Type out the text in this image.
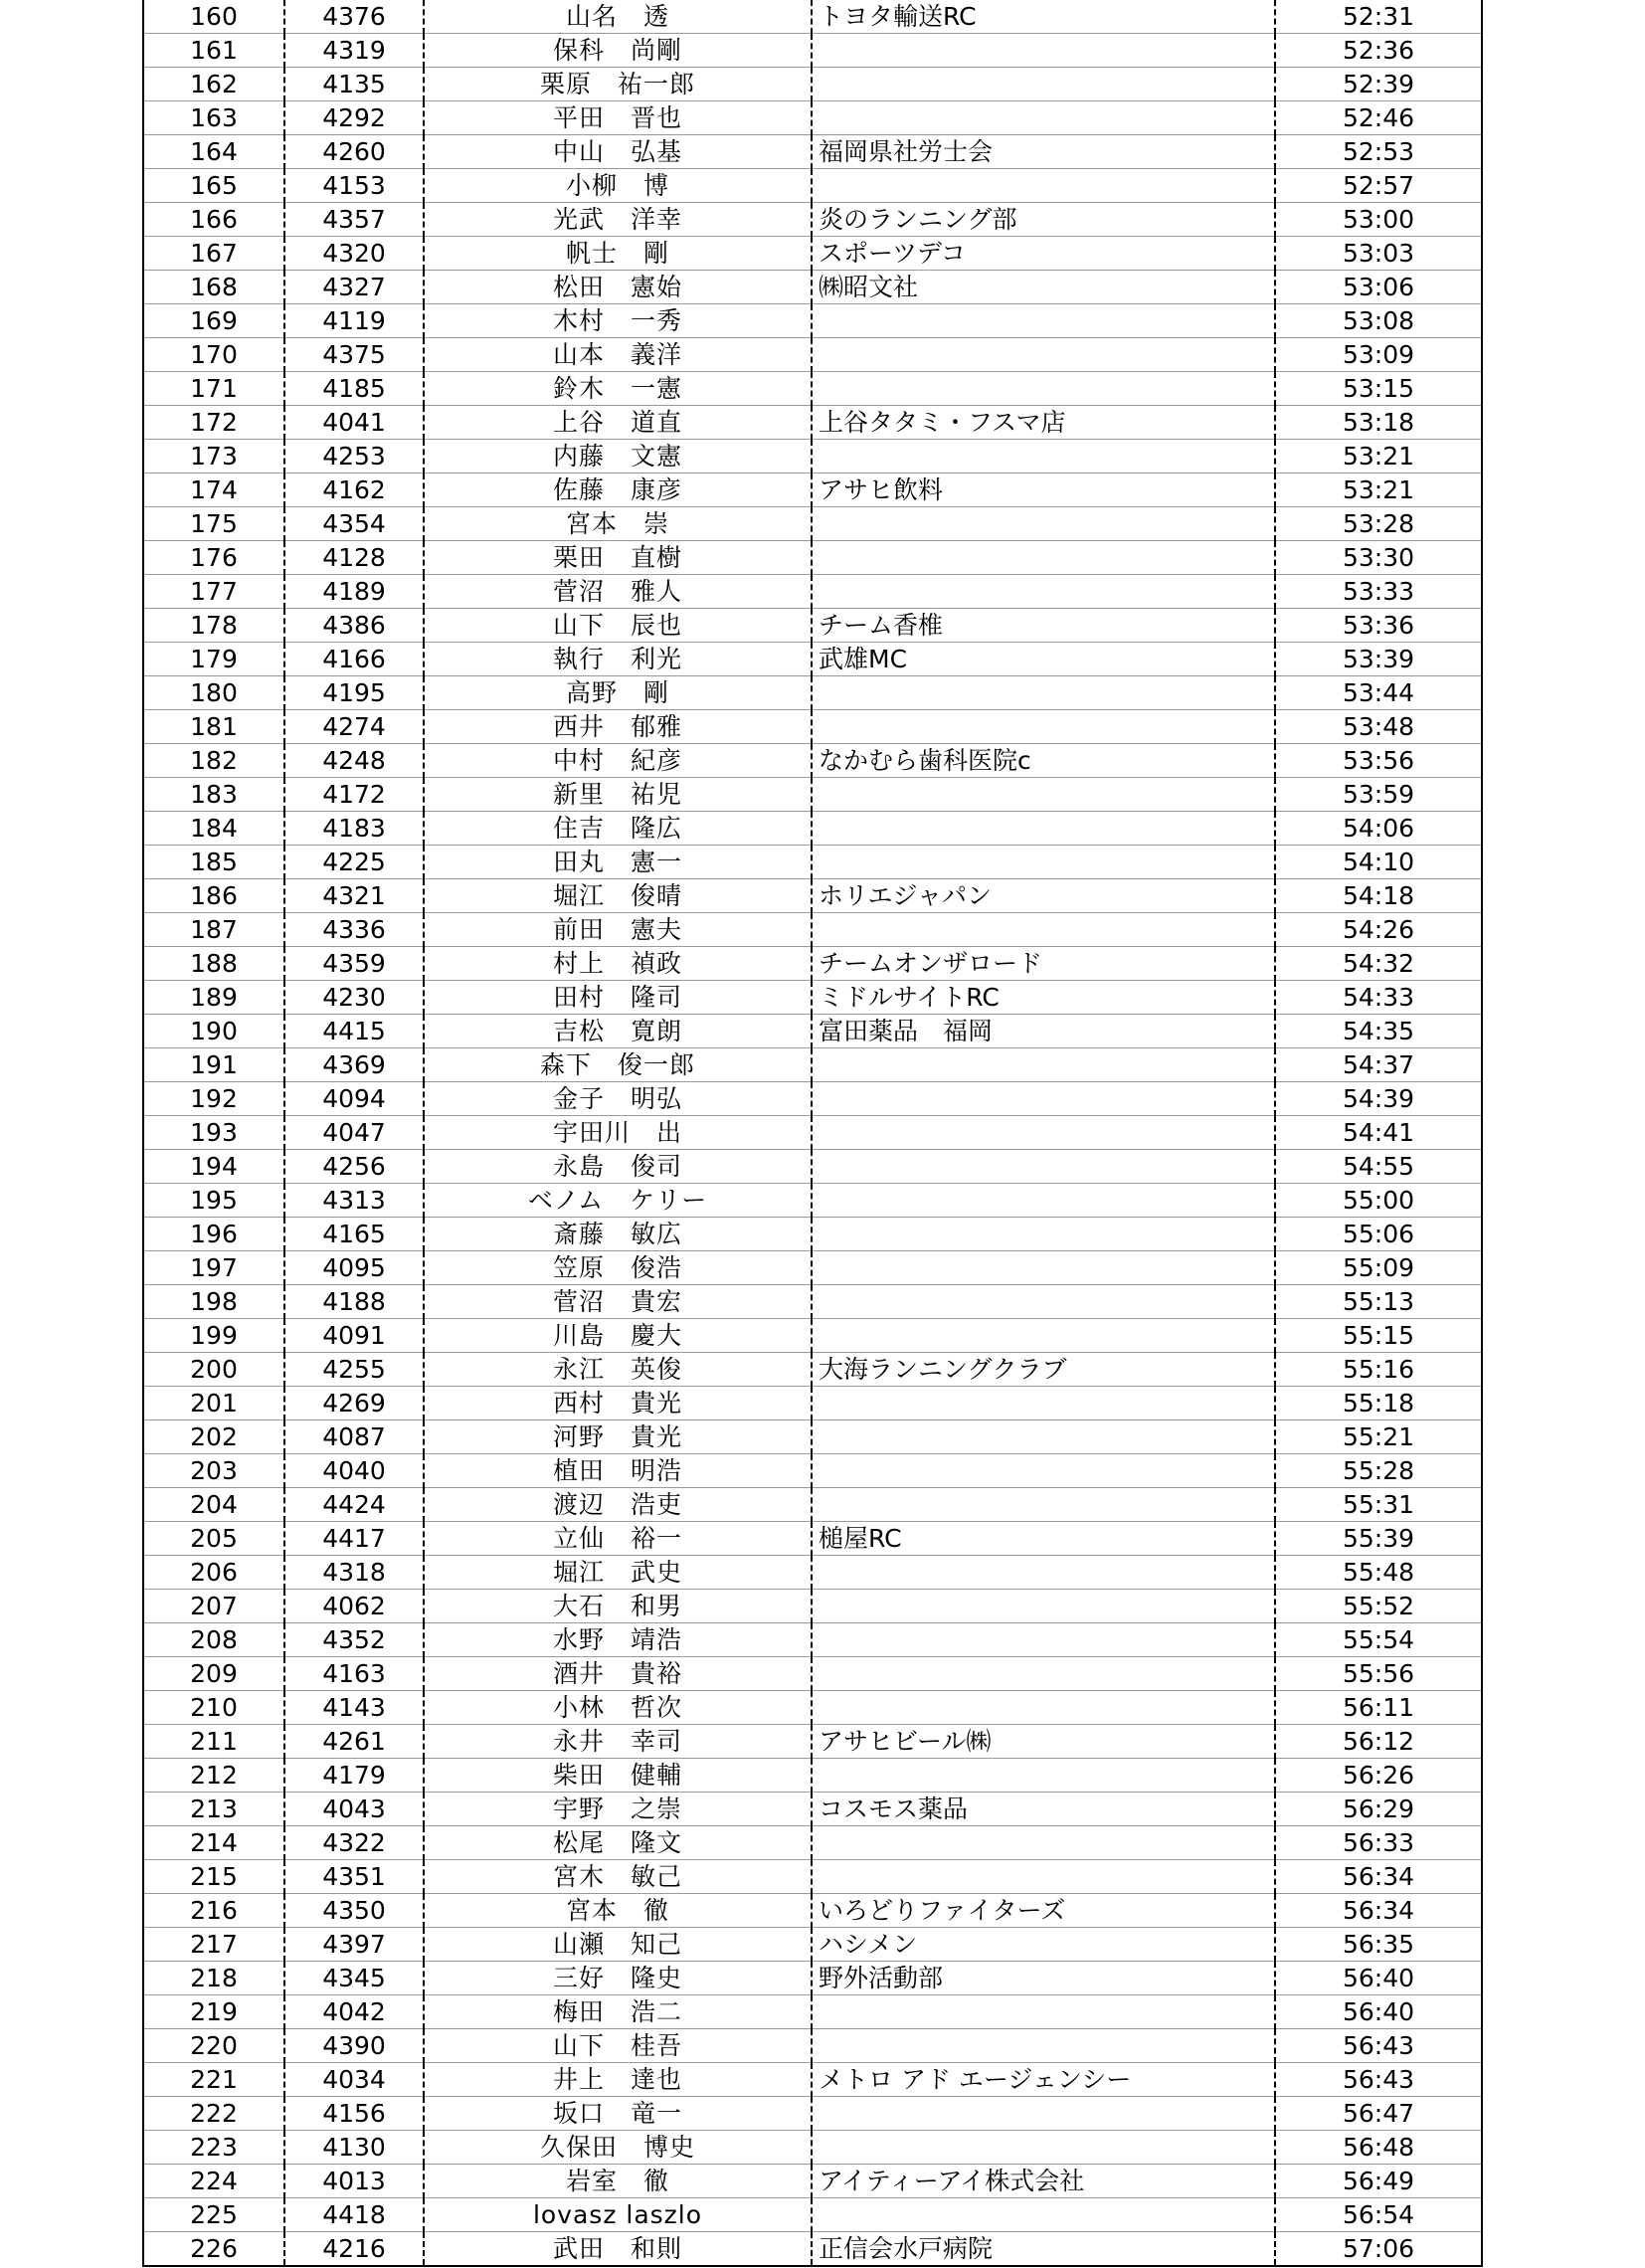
160	4376	山名　透	トヨタ輸送RC	52:31
161	4319	保科　尚剛		52:36
162	4135	栗原　祐一郎		52:39
163	4292	平田　晋也		52:46
164	4260	中山　弘基	福岡県社労士会	52:53
165	4153	小柳　博		52:57
166	4357	光武　洋幸	炎のランニング部	53:00
167	4320	帆士　剛	スポーツデコ	53:03
168	4327	松田　憲始	㈱昭文社	53:06
169	4119	木村　一秀		53:08
170	4375	山本　義洋		53:09
171	4185	鈴木　一憲		53:15
172	4041	上谷　道直	上谷タタミ・フスマ店	53:18
173	4253	内藤　文憲		53:21
174	4162	佐藤　康彦	アサヒ飲料	53:21
175	4354	宮本　崇		53:28
176	4128	栗田　直樹		53:30
177	4189	菅沼　雅人		53:33
178	4386	山下　辰也	チーム香椎	53:36
179	4166	執行　利光	武雄MC	53:39
180	4195	高野　剛		53:44
181	4274	西井　郁雅		53:48
182	4248	中村　紀彦	なかむら歯科医院c	53:56
183	4172	新里　祐児		53:59
184	4183	住吉　隆広		54:06
185	4225	田丸　憲一		54:10
186	4321	堀江　俊晴	ホリエジャパン	54:18
187	4336	前田　憲夫		54:26
188	4359	村上　禎政	チームオンザロード	54:32
189	4230	田村　隆司	ミドルサイトRC	54:33
190	4415	吉松　寛朗	富田薬品　福岡	54:35
191	4369	森下　俊一郎		54:37
192	4094	金子　明弘		54:39
193	4047	宇田川　出		54:41
194	4256	永島　俊司		54:55
195	4313	ベノム　ケリー		55:00
196	4165	斎藤　敏広		55:06
197	4095	笠原　俊浩		55:09
198	4188	菅沼　貴宏		55:13
199	4091	川島　慶大		55:15
200	4255	永江　英俊	大海ランニングクラブ	55:16
201	4269	西村　貴光		55:18
202	4087	河野　貴光		55:21
203	4040	植田　明浩		55:28
204	4424	渡辺　浩吏		55:31
205	4417	立仙　裕一	槌屋RC	55:39
206	4318	堀江　武史		55:48
207	4062	大石　和男		55:52
208	4352	水野　靖浩		55:54
209	4163	酒井　貴裕		55:56
210	4143	小林　哲次		56:11
211	4261	永井　幸司	アサヒビール㈱	56:12
212	4179	柴田　健輔		56:26
213	4043	宇野　之崇	コスモス薬品	56:29
214	4322	松尾　隆文		56:33
215	4351	宮木　敏己		56:34
216	4350	宮本　徹	いろどりファイターズ	56:34
217	4397	山瀬　知己	ハシメン	56:35
218	4345	三好　隆史	野外活動部	56:40
219	4042	梅田　浩二		56:40
220	4390	山下　桂吾		56:43
221	4034	井上　達也	メトロ アド エージェンシー	56:43
222	4156	坂口　竜一		56:47
223	4130	久保田　博史		56:48
224	4013	岩室　徹	アイティーアイ株式会社	56:49
225	4418	lovasz laszlo		56:54
226	4216	武田　和則	正信会水戸病院	57:06
